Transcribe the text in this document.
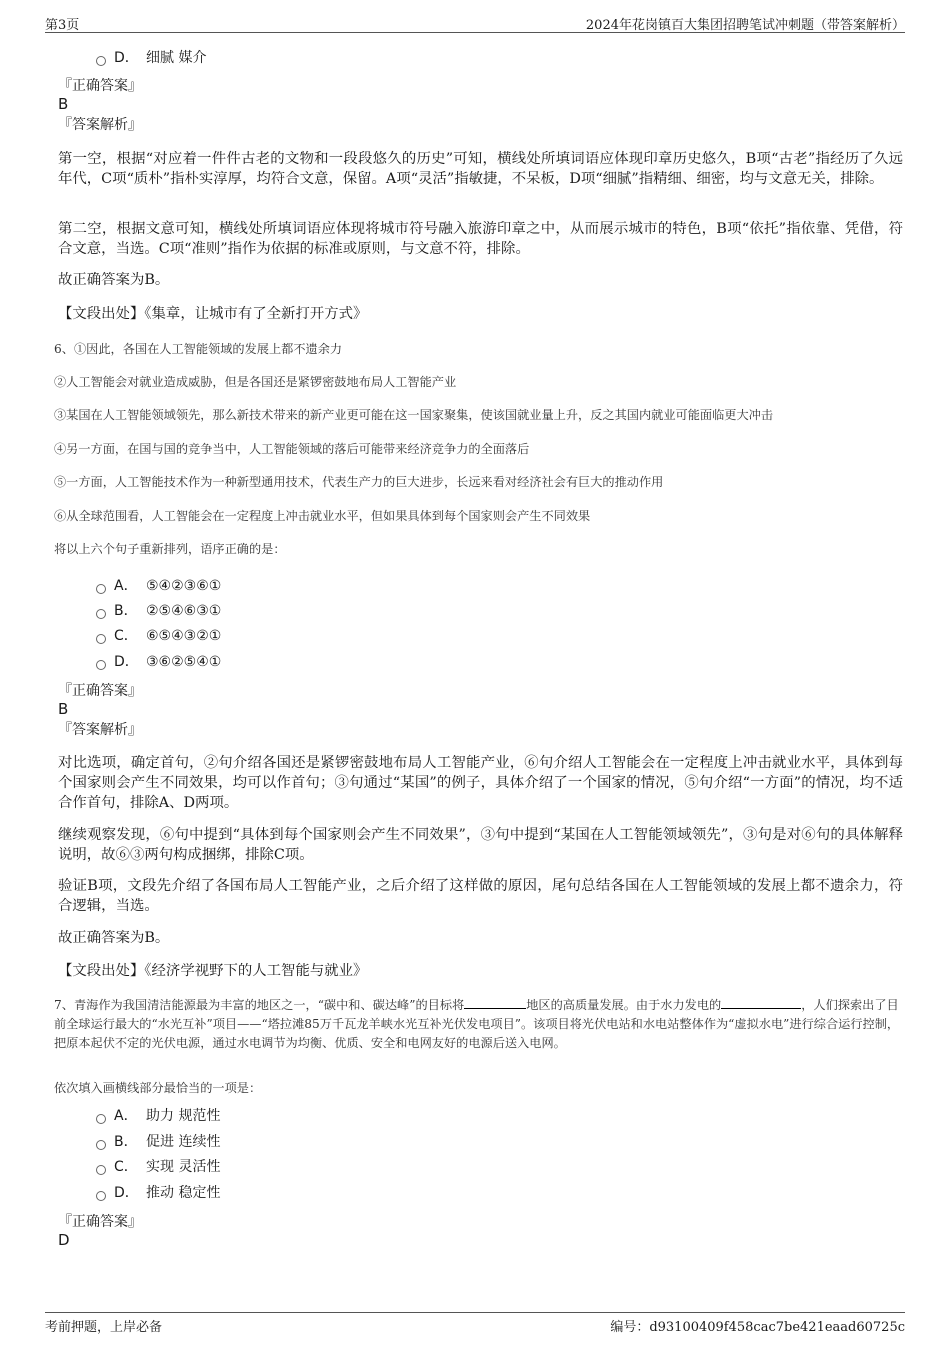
第3页	2024年花岗镇百大集团招聘笔试冲刺题（带答案解析）
D． 细腻 媒介
『正确答案』
B
『答案解析』
第一空，根据“对应着一件件古老的文物和一段段悠久的历史”可知，横线处所填词语应体现印章历史悠久，B项“古老”指经历了久远年代，C项“质朴”指朴实淳厚，均符合文意，保留。A项“灵活”指敏捷，不呆板，D项“细腻”指精细、细密，均与文意无关，排除。
第二空，根据文意可知，横线处所填词语应体现将城市符号融入旅游印章之中，从而展示城市的特色，B项“依托”指依靠、凭借，符合文意，当选。C项“准则”指作为依据的标准或原则，与文意不符，排除。
故正确答案为B。
【文段出处】《集章，让城市有了全新打开方式》
6、①因此，各国在人工智能领域的发展上都不遗余力
②人工智能会对就业造成威胁，但是各国还是紧锣密鼓地布局人工智能产业
③某国在人工智能领域领先，那么新技术带来的新产业更可能在这一国家聚集，使该国就业量上升，反之其国内就业可能面临更大冲击
④另一方面，在国与国的竞争当中，人工智能领域的落后可能带来经济竞争力的全面落后
⑤一方面，人工智能技术作为一种新型通用技术，代表生产力的巨大进步，长远来看对经济社会有巨大的推动作用
⑥从全球范围看，人工智能会在一定程度上冲击就业水平，但如果具体到每个国家则会产生不同效果
将以上六个句子重新排列，语序正确的是：
A． ⑤④②③⑥①
B． ②⑤④⑥③①
C． ⑥⑤④③②①
D． ③⑥②⑤④①
『正确答案』
B
『答案解析』
对比选项，确定首句，②句介绍各国还是紧锣密鼓地布局人工智能产业，⑥句介绍人工智能会在一定程度上冲击就业水平，具体到每个国家则会产生不同效果，均可以作首句；③句通过“某国”的例子，具体介绍了一个国家的情况，⑤句介绍“一方面”的情况，均不适合作首句，排除A、D两项。
继续观察发现，⑥句中提到“具体到每个国家则会产生不同效果”，③句中提到“某国在人工智能领域领先”，③句是对⑥句的具体解释说明，故⑥③两句构成捆绑，排除C项。
验证B项，文段先介绍了各国布局人工智能产业，之后介绍了这样做的原因，尾句总结各国在人工智能领域的发展上都不遗余力，符合逻辑，当选。
故正确答案为B。
【文段出处】《经济学视野下的人工智能与就业》
7、青海作为我国清洁能源最为丰富的地区之一，“碳中和、碳达峰”的目标将	地区的高质量发展。由于水力发电的	，人们探索出了目前全球运行最大的“水光互补”项目——“塔拉滩85万千瓦龙羊峡水光互补光伏发电项目”。该项目将光伏电站和水电站整体作为“虚拟水电”进行综合运行控制，把原本起伏不定的光伏电源，通过水电调节为均衡、优质、安全和电网友好的电源后送入电网。
依次填入画横线部分最恰当的一项是：
A． 助力 规范性
B． 促进 连续性
C． 实现 灵活性
D． 推动 稳定性
『正确答案』
D
考前押题，上岸必备	编号：d93100409f458cac7be421eaad60725c
